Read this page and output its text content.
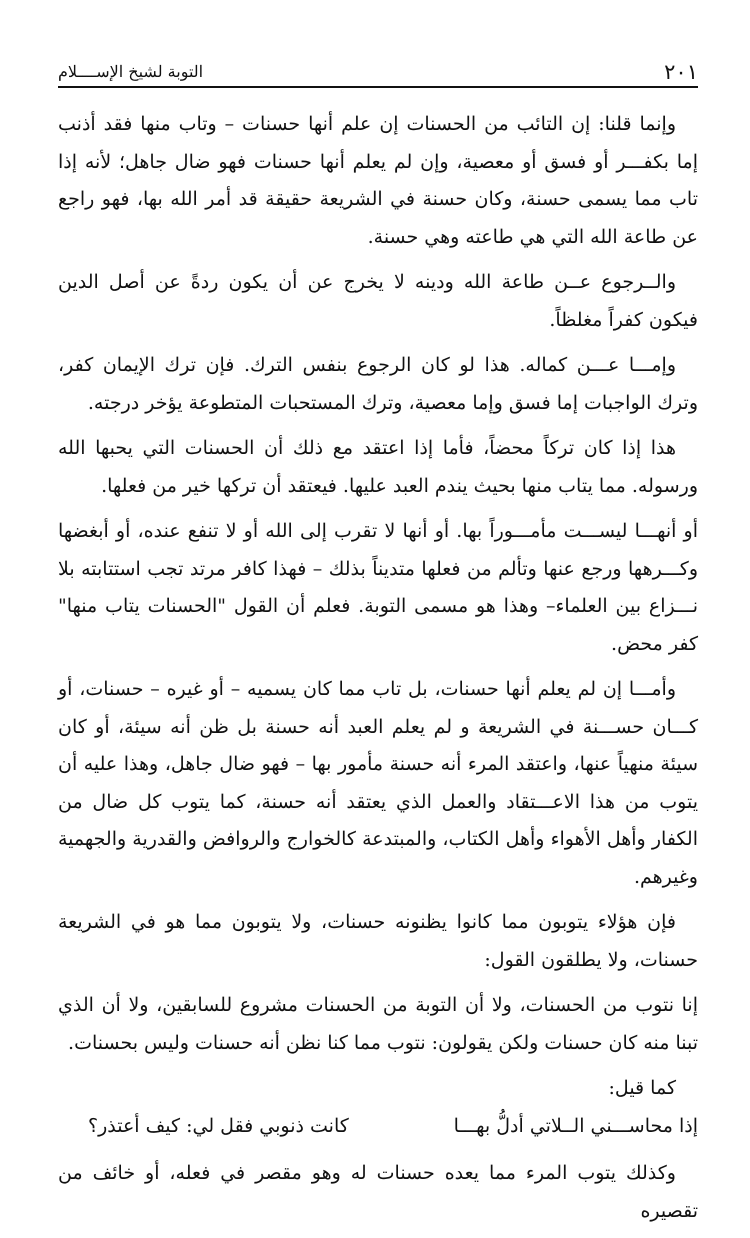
٢٠١
التوبة لشيخ الإســــلام

وإنما قلنا: إن التائب من الحسنات إن علم أنها حسنات – وتاب منها فقد أذنب إما بكفـــر أو فسق أو معصية، وإن لم يعلم أنها حسنات فهو ضال جاهل؛ لأنه إذا تاب مما يسمى حسنة، وكان حسنة في الشريعة حقيقة قد أمر الله بها، فهو راجع عن طاعة الله التي هي طاعته وهي حسنة.

والــرجوع عــن طاعة الله ودينه لا يخرج عن أن يكون ردةً عن أصل الدين فيكون كفراً مغلظاً.

وإمـــا عـــن كماله. هذا لو كان الرجوع بنفس الترك. فإن ترك الإيمان كفر، وترك الواجبات إما فسق وإما معصية، وترك المستحبات المتطوعة يؤخر درجته.

هذا إذا كان تركاً محضاً، فأما إذا اعتقد مع ذلك أن الحسنات التي يحبها الله ورسوله. مما يتاب منها بحيث يندم العبد عليها. فيعتقد أن تركها خير من فعلها.

أو أنهـــا ليســـت مأمـــوراً بها. أو أنها لا تقرب إلى الله أو لا تنفع عنده، أو أبغضها وكـــرهها ورجع عنها وتألم من فعلها متديناً بذلك – فهذا كافر مرتد تجب استتابته بلا نـــزاع بين العلماء– وهذا هو مسمى التوبة. فعلم أن القول "الحسنات يتاب منها" كفر محض.

وأمـــا إن لم يعلم أنها حسنات، بل تاب مما كان يسميه – أو غيره – حسنات، أو كـــان حســـنة في الشريعة و لم يعلم العبد أنه حسنة بل ظن أنه سيئة، أو كان سيئة منهياً عنها، واعتقد المرء أنه حسنة مأمور بها – فهو ضال جاهل، وهذا عليه أن يتوب من هذا الاعـــتقاد والعمل الذي يعتقد أنه حسنة، كما يتوب كل ضال من الكفار وأهل الأهواء وأهل الكتاب، والمبتدعة كالخوارج والروافض والقدرية والجهمية وغيرهم.

فإن هؤلاء يتوبون مما كانوا يظنونه حسنات، ولا يتوبون مما هو في الشريعة حسنات، ولا يطلقون القول:

إنا نتوب من الحسنات، ولا أن التوبة من الحسنات مشروع للسابقين، ولا أن الذي تبنا منه كان حسنات ولكن يقولون: نتوب مما كنا نظن أنه حسنات وليس بحسنات.

كما قيل:

إذا محاســـني الــلاتي أدلُّ بهـــا
كانت ذنوبي فقل لي: كيف أعتذر؟

وكذلك يتوب المرء مما يعده حسنات له وهو مقصر في فعله، أو خائف من تقصيره
